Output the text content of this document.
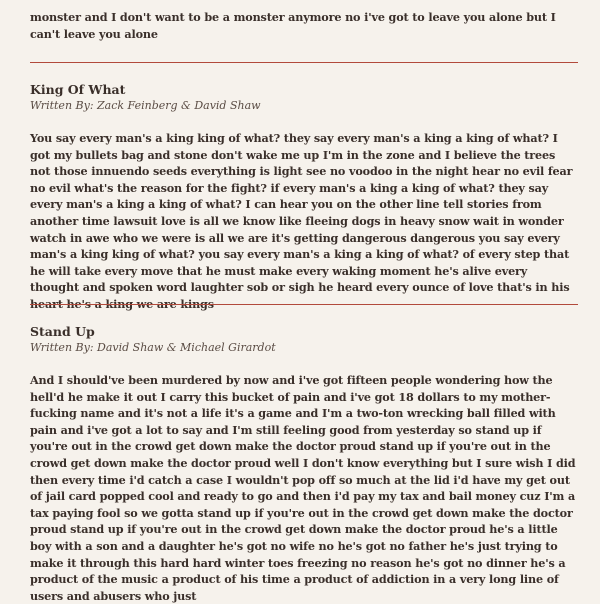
monster and I don't want to be a monster anymore no i've got to leave you alone but I can't leave you alone

King Of What

Written By: Zack Feinberg & David Shaw

You say every man's a king king of what? they say every man's a king a king of what? I got my bullets bag and stone don't wake me up I'm in the zone and I believe the trees not those innuendo seeds everything is light see no voodoo in the night hear no evil fear no evil what's the reason for the fight? if every man's a king a king of what? they say every man's a king a king of what? I can hear you on the other line tell stories from another time lawsuit love is all we know like fleeing dogs in heavy snow wait in wonder watch in awe who we were is all we are it's getting dangerous dangerous you say every man's a king king of what? you say every man's a king a king of what? of every step that he will take every move that he must make every waking moment he's alive every thought and spoken word laughter sob or sigh he heard every ounce of love that's in his heart he's a king we are kings

Stand Up

Written By: David Shaw & Michael Girardot

And I should've been murdered by now and i've got fifteen people wondering how the hell'd he make it out I carry this bucket of pain and i've got 18 dollars to my mother-fucking name and it's not a life it's a game and I'm a two-ton wrecking ball filled with pain and i've got a lot to say and I'm still feeling good from yesterday so stand up if you're out in the crowd get down make the doctor proud stand up if you're out in the crowd get down make the doctor proud well I don't know everything but I sure wish I did then every time i'd catch a case I wouldn't pop off so much at the lid i'd have my get out of jail card popped cool and ready to go and then i'd pay my tax and bail money cuz I'm a tax paying fool so we gotta stand up if you're out in the crowd get down make the doctor proud stand up if you're out in the crowd get down make the doctor proud he's a little boy with a son and a daughter he's got no wife no he's got no father he's just trying to make it through this hard hard winter toes freezing no reason he's got no dinner he's a product of the music a product of his time a product of addiction in a very long line of users and abusers who just
